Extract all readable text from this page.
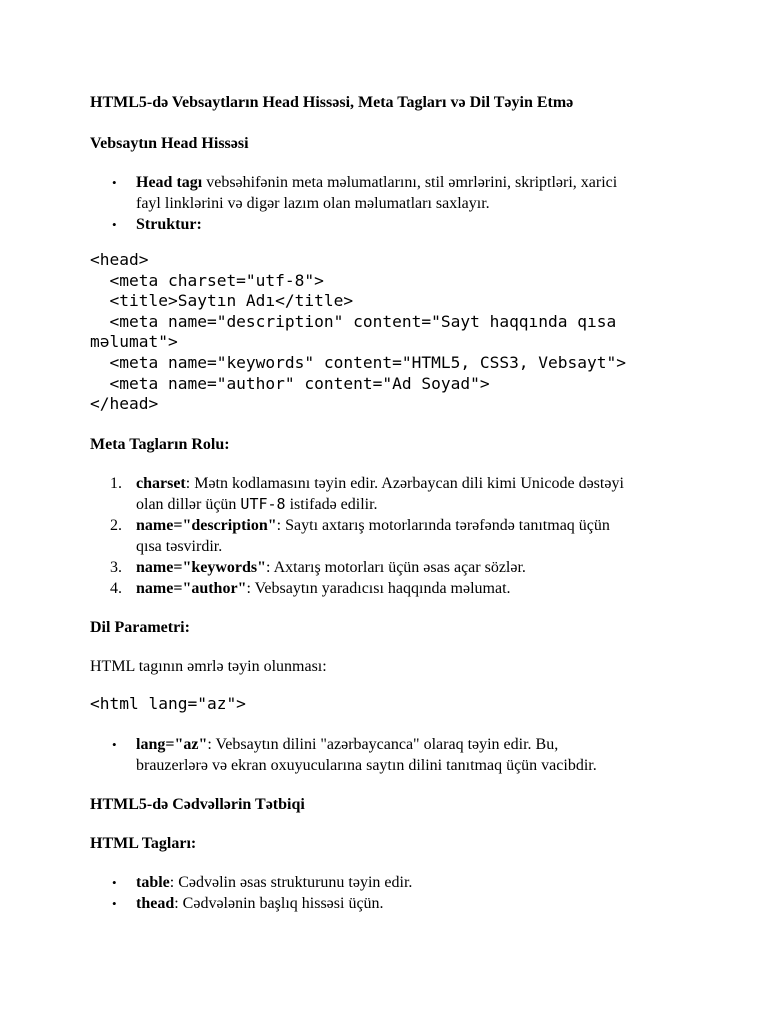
HTML5-də Vebsaytların Head Hissəsi, Meta Tagları və Dil Təyin Etmə
Vebsaytın Head Hissəsi
• Head tagı vebsəhifənin meta məlumatlarını, stil əmrlərini, skriptləri, xarici
fayl linklərini və digər lazım olan məlumatları saxlayır.
• Struktur:
<head>
<meta charset="utf-8">
<title>Saytın Adı</title>
<meta name="description" content="Sayt haqqında qısa
məlumat">
<meta name="keywords" content="HTML5, CSS3, Vebsayt">
<meta name="author" content="Ad Soyad">
</head>
Meta Tagların Rolu:
1. charset: Mətn kodlamasını təyin edir. Azərbaycan dili kimi Unicode dəstəyi
olan dillər üçün UTF-8 istifadə edilir.
2. name="description": Saytı axtarış motorlarında tərəfəndə tanıtmaq üçün
qısa təsvirdir.
3. name="keywords": Axtarış motorları üçün əsas açar sözlər.
4. name="author": Vebsaytın yaradıcısı haqqında məlumat.
Dil Parametri:

HTML tagının əmrlə təyin olunması:

<html lang="az">
• lang="az": Vebsaytın dilini "azərbaycanca" olaraq təyin edir. Bu,
brauzerlərə və ekran oxuyucularına saytın dilini tanıtmaq üçün vacibdir.
HTML5-də Cədvəllərin Tətbiqi
HTML Tagları:
• table: Cədvəlin əsas strukturunu təyin edir.
• thead: Cədvələnin başlıq hissəsi üçün.
